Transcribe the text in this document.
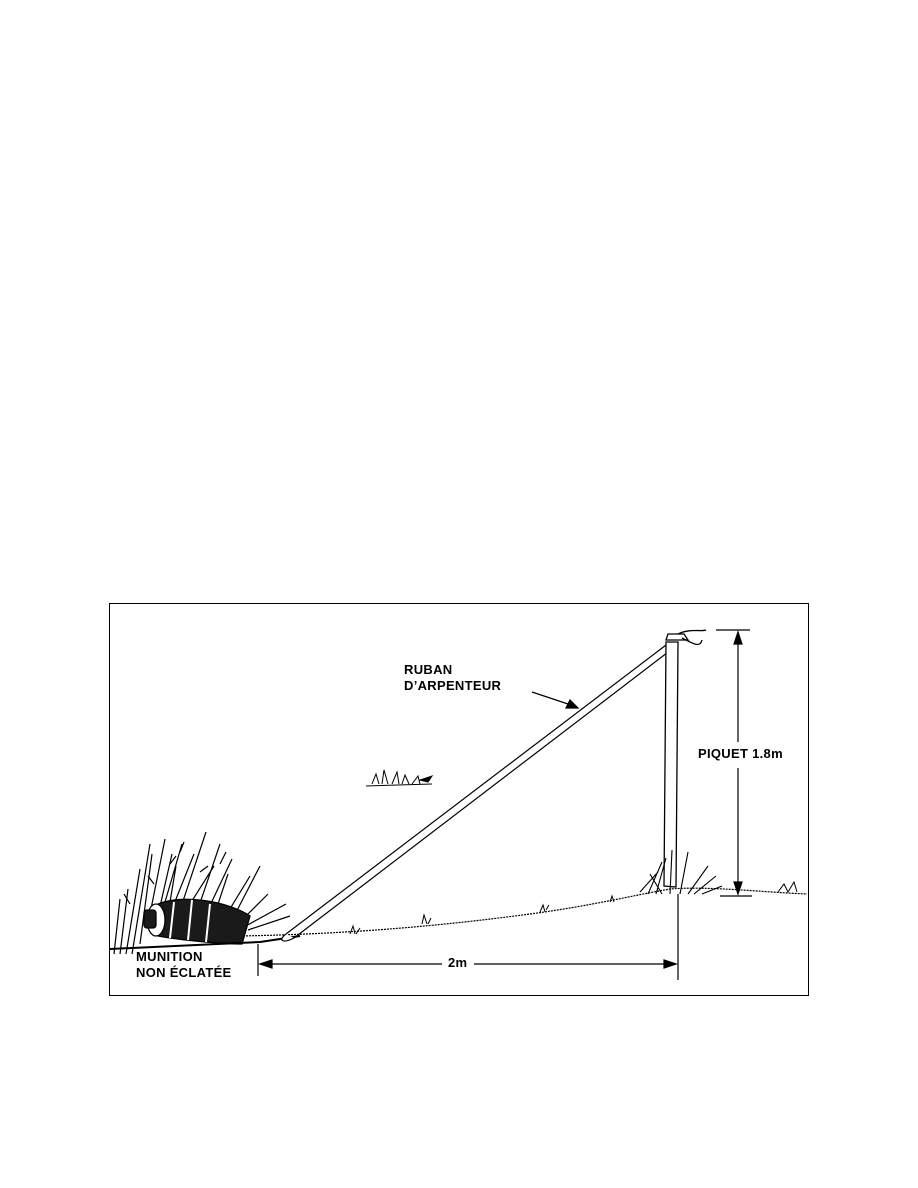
RUBAN
D’ARPENTEUR
PIQUET 1.8m
2m
MUNITION
NON ÉCLATÉE
